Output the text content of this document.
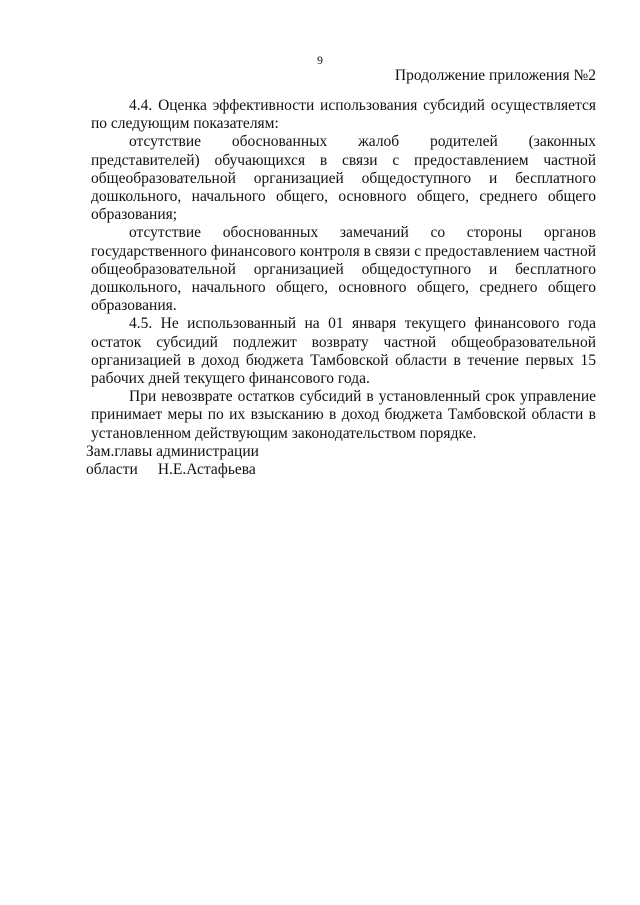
9
Продолжение приложения №2

4.4. Оценка эффективности использования субсидий осуществляется по следующим показателям:

отсутствие обоснованных жалоб родителей (законных представителей) обучающихся в связи с предоставлением частной общеобразовательной организацией общедоступного и бесплатного дошкольного, начального общего, основного общего, среднего общего образования;

отсутствие обоснованных замечаний со стороны органов государственного финансового контроля в связи с предоставлением частной общеобразовательной организацией общедоступного и бесплатного дошкольного, начального общего, основного общего, среднего общего образования.

4.5. Не использованный на 01 января текущего финансового года остаток субсидий подлежит возврату частной общеобразовательной организацией в доход бюджета Тамбовской области в течение первых 15 рабочих дней текущего финансового года.

При невозврате остатков субсидий в установленный срок управление принимает меры по их взысканию в доход бюджета Тамбовской области в установленном действующим законодательством порядке.

Зам.главы администрации
области Н.Е.Астафьева
